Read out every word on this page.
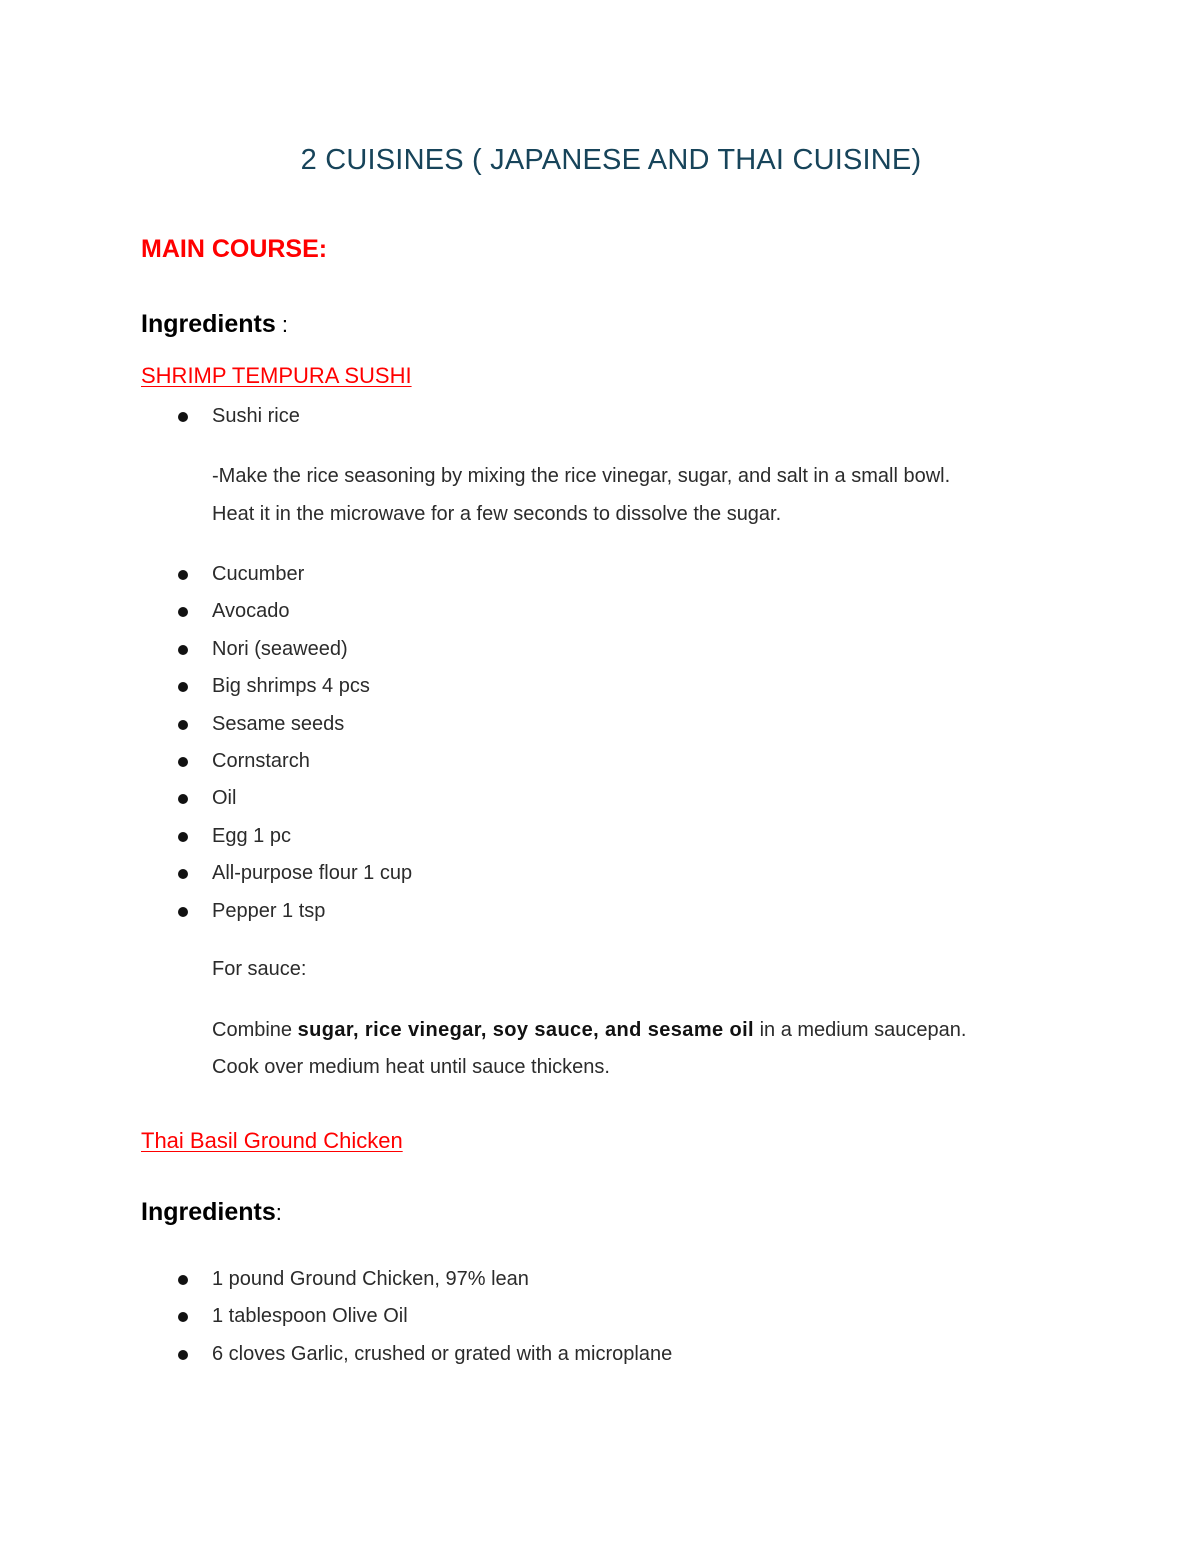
2 CUISINES ( JAPANESE AND THAI CUISINE)
MAIN COURSE:
Ingredients :
SHRIMP TEMPURA SUSHI
Sushi rice
-Make the rice seasoning by mixing the rice vinegar, sugar, and salt in a small bowl.
Heat it in the microwave for a few seconds to dissolve the sugar.
Cucumber
Avocado
Nori (seaweed)
Big shrimps 4 pcs
Sesame seeds
Cornstarch
Oil
Egg 1 pc
All-purpose flour 1 cup
Pepper 1 tsp
For sauce:
Combine sugar, rice vinegar, soy sauce, and sesame oil in a medium saucepan.
Cook over medium heat until sauce thickens.
Thai Basil Ground Chicken
Ingredients:
1 pound Ground Chicken, 97% lean
1 tablespoon Olive Oil
6 cloves Garlic, crushed or grated with a microplane
